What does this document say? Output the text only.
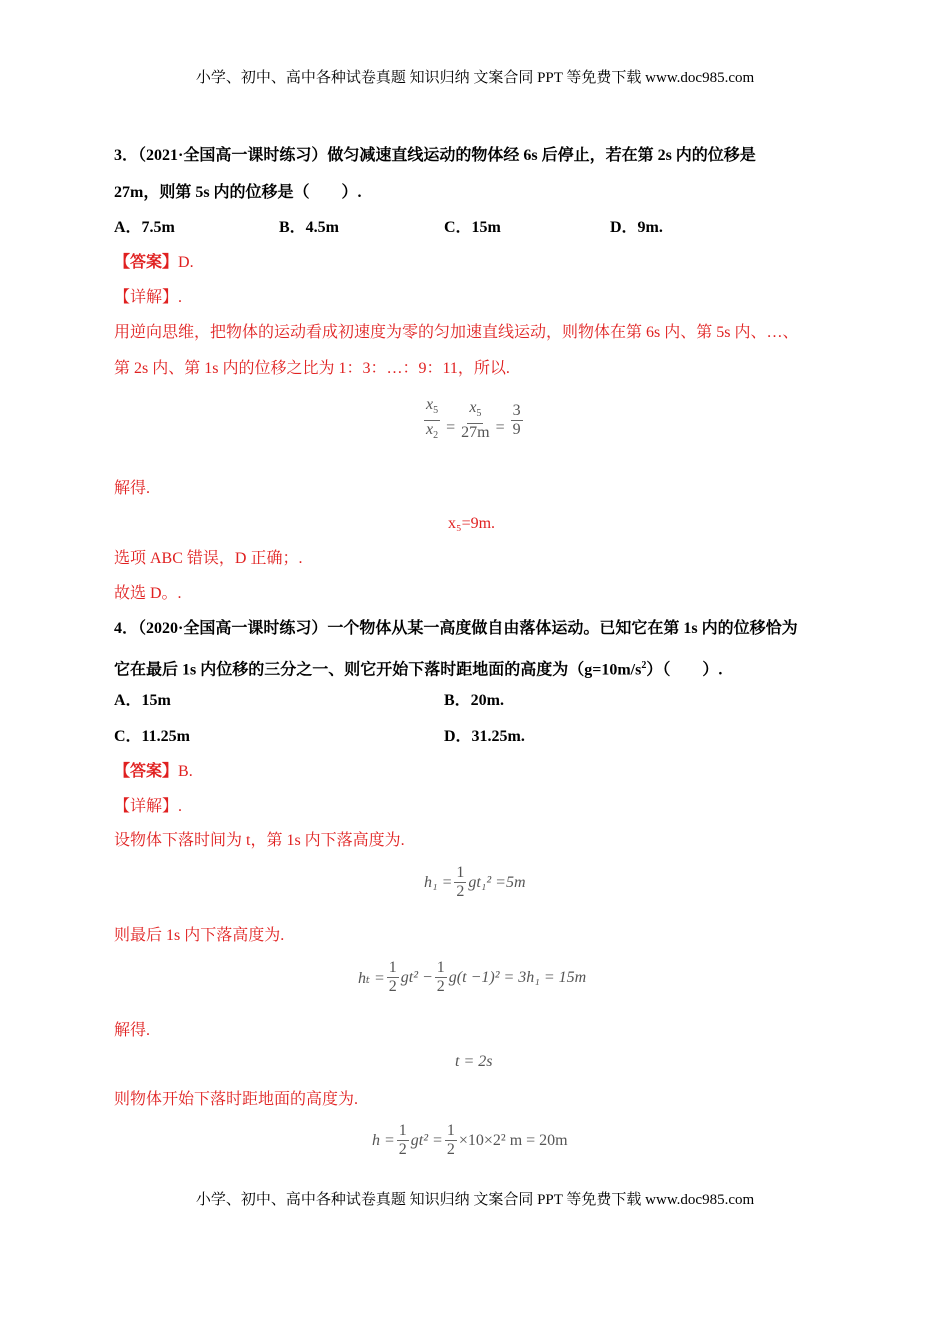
小学、初中、高中各种试卷真题 知识归纳 文案合同 PPT 等免费下载 www.doc985.com
3．（2021·全国高一课时练习）做匀减速直线运动的物体经 6s 后停止，若在第 2s 内的位移是
27m，则第 5s 内的位移是（　　）.
A．7.5m	B．4.5m	C．15m	D．9m.
【答案】D.
【详解】.
用逆向思维，把物体的运动看成初速度为零的匀加速直线运动，则物体在第 6s 内、第 5s 内、…、
第 2s 内、第 1s 内的位移之比为 1：3：…：9：11，所以.
$\frac{x_5}{x_2} = \frac{x_5}{27m} = \frac{3}{9}$
解得.
x₅=9m.
选项 ABC 错误，D 正确；.
故选 D。.
4．（2020·全国高一课时练习）一个物体从某一高度做自由落体运动。已知它在第 1s 内的位移恰为
它在最后 1s 内位移的三分之一、则它开始下落时距地面的高度为$(g=10m/s^2)$（　　）.
A．15m	B．20m.
C．11.25m	D．31.25m.
【答案】B.
【详解】.
设物体下落时间为 t，第 1s 内下落高度为.
$h_1 = \frac{1}{2} gt_1^2 =5m$
则最后 1s 内下落高度为.
$h_t = \frac{1}{2} gt^2 - \frac{1}{2} g(t -1)^2 = 3h_1 = 15m$
解得.
t = 2s
则物体开始下落时距地面的高度为.
$h = \frac{1}{2} gt^2 = \frac{1}{2} \times 10\times 2^2$ m = 20m
小学、初中、高中各种试卷真题 知识归纳 文案合同 PPT 等免费下载 www.doc985.com
